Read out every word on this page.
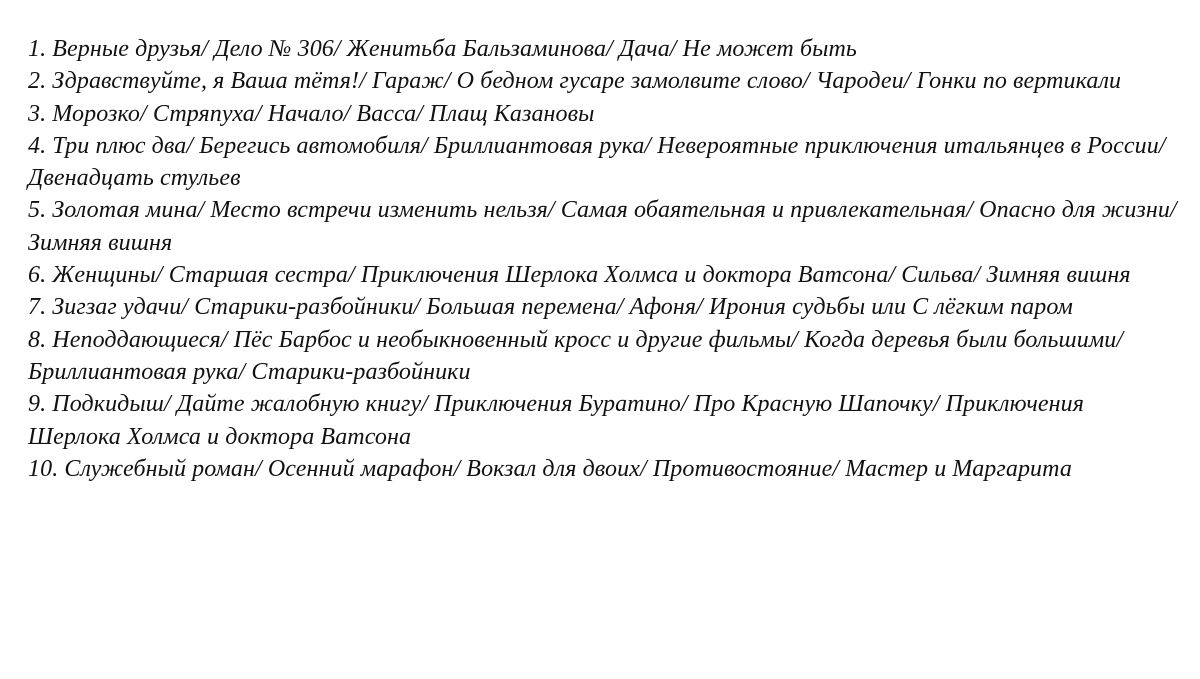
1. Верные друзья/ Дело № 306/ Женитьба Бальзаминова/ Дача/ Не может быть

2. Здравствуйте, я Ваша тётя!/ Гараж/ О бедном гусаре замолвите слово/ Чародеи/ Гонки по вертикали

3. Морозко/ Стряпуха/ Начало/ Васса/ Плащ Казановы

4. Три плюс два/ Берегись автомобиля/ Бриллиантовая рука/ Невероятные приключения итальянцев в России/ Двенадцать стульев

5. Золотая мина/ Место встречи изменить нельзя/ Самая обаятельная и привлекательная/ Опасно для жизни/ Зимняя вишня

6. Женщины/ Старшая сестра/ Приключения Шерлока Холмса и доктора Ватсона/ Сильва/ Зимняя вишня

7. Зигзаг удачи/ Старики-разбойники/ Большая перемена/ Афоня/ Ирония судьбы или С лёгким паром

8. Неподдающиеся/ Пёс Барбос и необыкновенный кросс и другие фильмы/ Когда деревья были большими/ Бриллиантовая рука/ Старики-разбойники

9. Подкидыш/ Дайте жалобную книгу/ Приключения Буратино/ Про Красную Шапочку/ Приключения Шерлока Холмса и доктора Ватсона

10. Служебный роман/ Осенний марафон/ Вокзал для двоих/ Противостояние/ Мастер и Маргарита
